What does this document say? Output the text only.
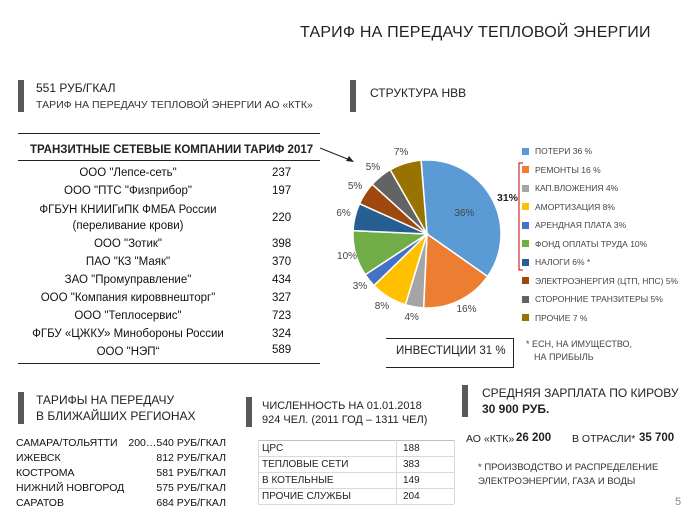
ТАРИФ НА ПЕРЕДАЧУ ТЕПЛОВОЙ ЭНЕРГИИ
551 РУБ/ГКАЛ
ТАРИФ НА ПЕРЕДАЧУ ТЕПЛОВОЙ ЭНЕРГИИ АО «КТК»
ТРАНЗИТНЫЕ СЕТЕВЫЕ КОМПАНИИ ТАРИФ 2017
ООО "Лепсе-сеть"	237
ООО "ПТС "Физприбор"	197
ФГБУН КНИИГиПК ФМБА России
(переливание крови)
220
ООО "Зотик"	398
ПАО "КЗ "Маяк"	370
ЗАО "Промуправление"	434
ООО "Компания кироввнешторг"	327
ООО "Теплосервис"	723
ФГБУ «ЦЖКУ» Минобороны России	324
ООО "НЭП“	589
СТРУКТУРА НВВ
31%
ПОТЕРИ 36 %
РЕМОНТЫ 16 %
КАП.ВЛОЖЕНИЯ 4%
АМОРТИЗАЦИЯ 8%
АРЕНДНАЯ ПЛАТА 3%
ФОНД ОПЛАТЫ ТРУДА 10%
НАЛОГИ 6% *
ЭЛЕКТРОЭНЕРГИЯ (ЦТП, НПС) 5%
СТОРОННИЕ ТРАНЗИТЕРЫ 5%
ПРОЧИЕ 7 %
ИНВЕСТИЦИИ 31 %
* ЕСН, НА ИМУЩЕСТВО,
НА ПРИБЫЛЬ
ТАРИФЫ НА ПЕРЕДАЧУ
В БЛИЖАЙШИХ РЕГИОНАХ
САМАРА/ТОЛЬЯТТИ	200…540 РУБ/ГКАЛ
ИЖЕВСК	812 РУБ/ГКАЛ
КОСТРОМА	581 РУБ/ГКАЛ
НИЖНИЙ НОВГОРОД	575 РУБ/ГКАЛ
САРАТОВ	684 РУБ/ГКАЛ
ЧИСЛЕННОСТЬ НА 01.01.2018
924 ЧЕЛ. (2011 ГОД – 1311 ЧЕЛ)
ЦРС	188
ТЕПЛОВЫЕ СЕТИ	383
В КОТЕЛЬНЫЕ	149
ПРОЧИЕ СЛУЖБЫ	204
СРЕДНЯЯ ЗАРПЛАТА ПО КИРОВУ
30 900 РУБ.
АО «КТК» 26 200 В ОТРАСЛИ* 35 700
* ПРОИЗВОДСТВО И РАСПРЕДЕЛЕНИЕ
ЭЛЕКТРОЭНЕРГИИ, ГАЗА И ВОДЫ
5
36%
16%
4%
8%
3%
10%
6%
5%
5%
7%
